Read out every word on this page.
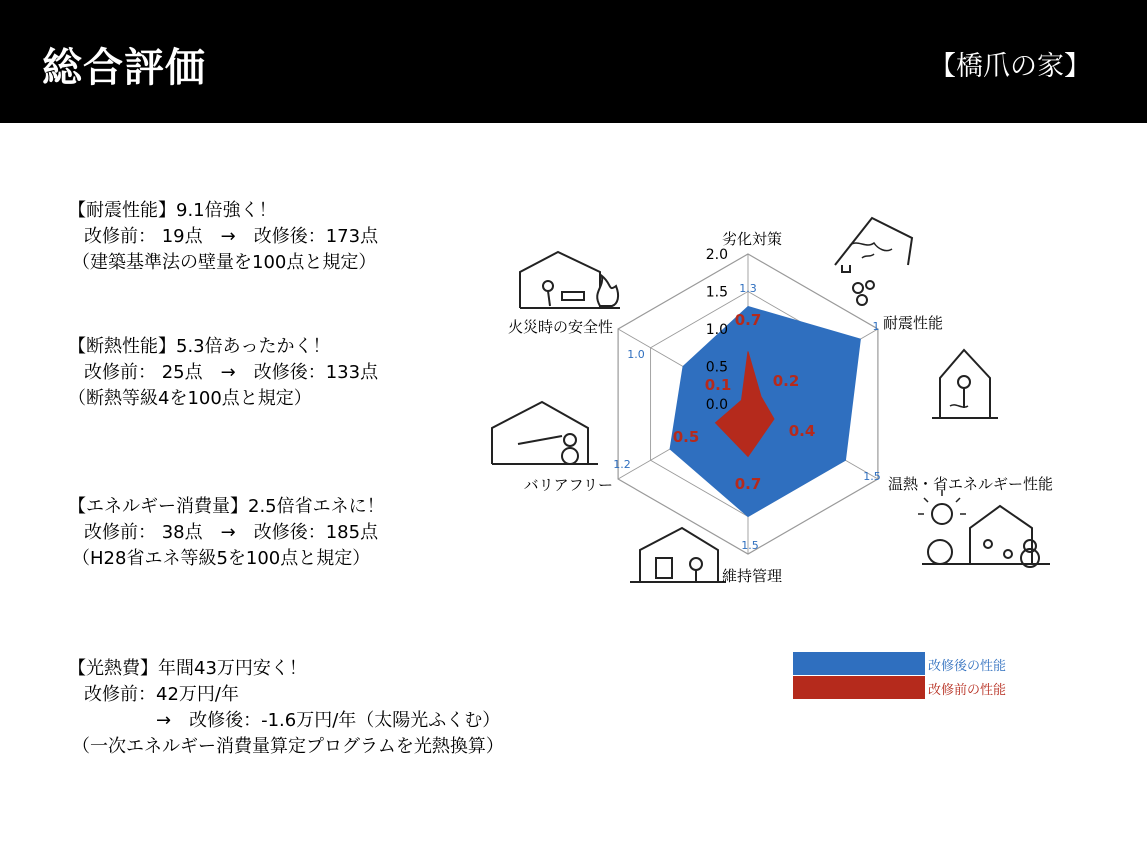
総合評価	【橋爪の家】
【耐震性能】9.1倍強く！
改修前： 19点　→　改修後：173点
（建築基準法の壁量を100点と規定）
【断熱性能】5.3倍あったかく！
改修前： 25点　→　改修後：133点
（断熱等級4を100点と規定）
【エネルギー消費量】2.5倍省エネに！
改修前： 38点　→　改修後：185点
（H28省エネ等級5を100点と規定）
【光熱費】年間43万円安く！
改修前：42万円/年
→　改修後：-1.6万円/年（太陽光ふくむ）
（一次エネルギー消費量算定プログラムを光熱換算）
0.0
0.5
1.0
1.5
2.0
劣化対策
耐震性能
温熱・省エネルギー性能
維持管理
バリアフリー
火災時の安全性
1.3
1
1.5
1.5
1.2
1.0
0.7
0.2
0.4
0.7
0.5
0.1
改修後の性能
改修前の性能
